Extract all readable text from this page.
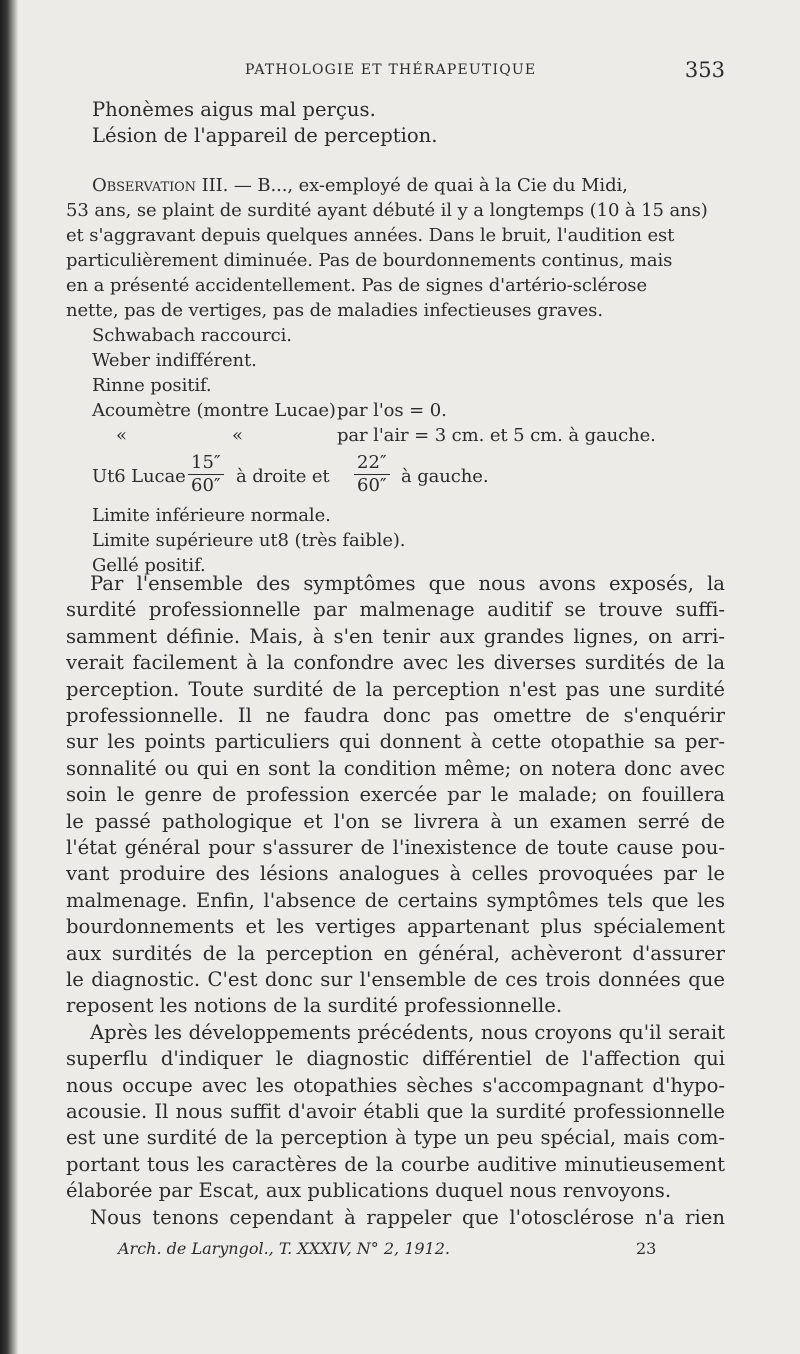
PATHOLOGIE ET THÉRAPEUTIQUE	353
Phonèmes aigus mal perçus.
Lésion de l'appareil de perception.
Observation III. — B..., ex-employé de quai à la Cie du Midi,
53 ans, se plaint de surdité ayant débuté il y a longtemps (10 à 15 ans)
et s'aggravant depuis quelques années. Dans le bruit, l'audition est
particulièrement diminuée. Pas de bourdonnements continus, mais
en a présenté accidentellement. Pas de signes d'artério-sclérose
nette, pas de vertiges, pas de maladies infectieuses graves.
Schwabach raccourci.
Weber indifférent.
Rinne positif.
Acoumètre (montre Lucae) par l'os = 0.
«	«	par l'air = 3 cm. et 5 cm. à gauche.
Ut6 Lucae $\frac{15''}{60''}$ à droite et $\frac{22''}{60''}$ à gauche.
Limite inférieure normale.
Limite supérieure ut8 (très faible).
Gellé positif.
Par l'ensemble des symptômes que nous avons exposés, la
surdité professionnelle par malmenage auditif se trouve suffi-
samment définie. Mais, à s'en tenir aux grandes lignes, on arri-
verait facilement à la confondre avec les diverses surdités de la
perception. Toute surdité de la perception n'est pas une surdité
professionnelle. Il ne faudra donc pas omettre de s'enquérir
sur les points particuliers qui donnent à cette otopathie sa per-
sonnalité ou qui en sont la condition même; on notera donc avec
soin le genre de profession exercée par le malade; on fouillera
le passé pathologique et l'on se livrera à un examen serré de
l'état général pour s'assurer de l'inexistence de toute cause pou-
vant produire des lésions analogues à celles provoquées par le
malmenage. Enfin, l'absence de certains symptômes tels que les
bourdonnements et les vertiges appartenant plus spécialement
aux surdités de la perception en général, achèveront d'assurer
le diagnostic. C'est donc sur l'ensemble de ces trois données que
reposent les notions de la surdité professionnelle.
Après les développements précédents, nous croyons qu'il serait
superflu d'indiquer le diagnostic différentiel de l'affection qui
nous occupe avec les otopathies sèches s'accompagnant d'hypo-
acousie. Il nous suffit d'avoir établi que la surdité professionnelle
est une surdité de la perception à type un peu spécial, mais com-
portant tous les caractères de la courbe auditive minutieusement
élaborée par Escat, aux publications duquel nous renvoyons.
Nous tenons cependant à rappeler que l'otosclérose n'a rien
Arch. de Laryngol., T. XXXIV, N° 2, 1912.	23
